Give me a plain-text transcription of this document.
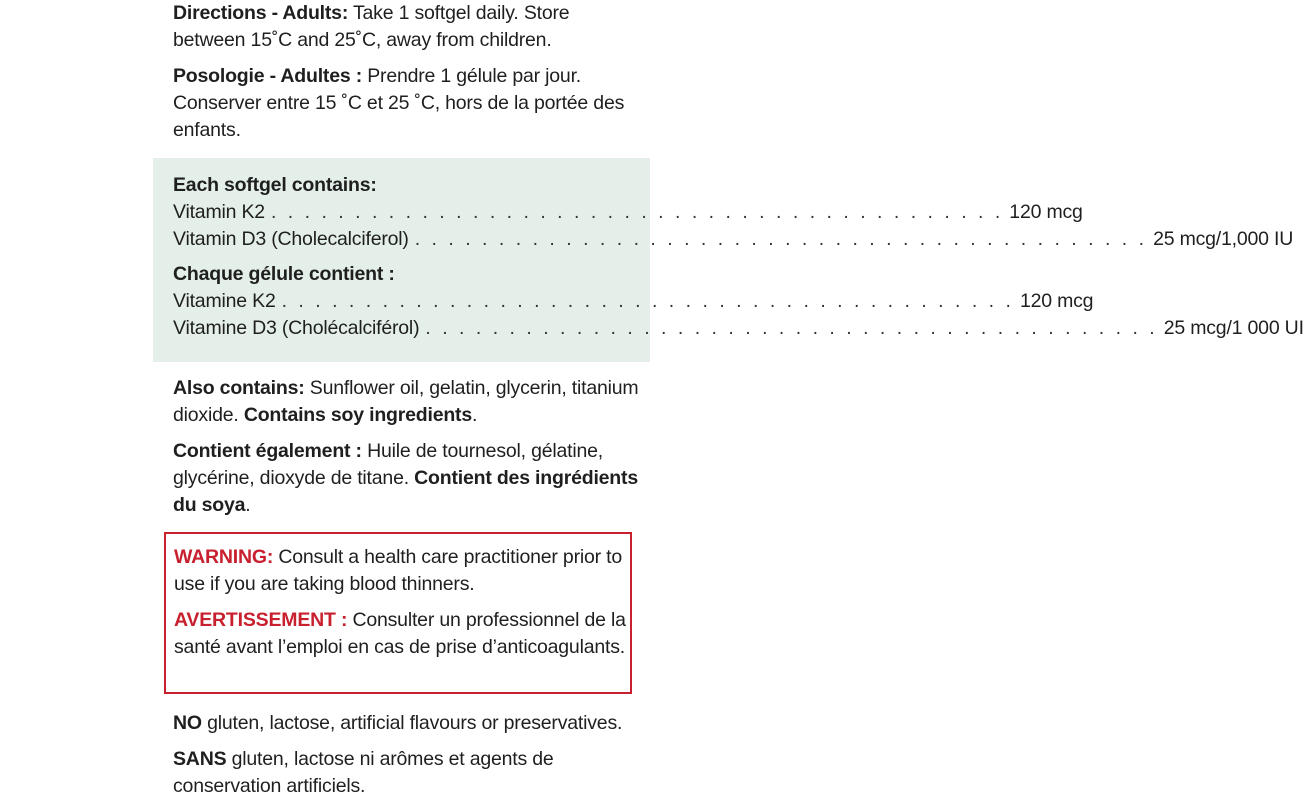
Directions - Adults: Take 1 softgel daily. Store between 15˚C and 25˚C, away from children.

Posologie - Adultes : Prendre 1 gélule par jour. Conserver entre 15 ˚C et 25 ˚C, hors de la portée des enfants.

Each softgel contains:

Vitamin K2 . . . . . . . . . . . . . . . . . . . . . . . . . . . . . . . . . . . . . . . . . . . . 120 mcg
Vitamin D3 (Cholecalciferol) . . . . . . . . . . . . . . . . . . . . . . . . . . . . . . . . . . . . . . . . . . . . 25 mcg/1,000 IU

Chaque gélule contient :

Vitamine K2 . . . . . . . . . . . . . . . . . . . . . . . . . . . . . . . . . . . . . . . . . . . . 120 mcg
Vitamine D3 (Cholécalciférol) . . . . . . . . . . . . . . . . . . . . . . . . . . . . . . . . . . . . . . . . . . . . 25 mcg/1 000 UI

Also contains: Sunflower oil, gelatin, glycerin, titanium dioxide. Contains soy ingredients.

Contient également : Huile de tournesol, gélatine, glycérine, dioxyde de titane. Contient des ingrédients du soya.

WARNING: Consult a health care practitioner prior to use if you are taking blood thinners.

AVERTISSEMENT : Consulter un professionnel de la santé avant l’emploi en cas de prise d’anticoagulants.

NO gluten, lactose, artificial flavours or preservatives.

SANS gluten, lactose ni arômes et agents de conservation artificiels.
